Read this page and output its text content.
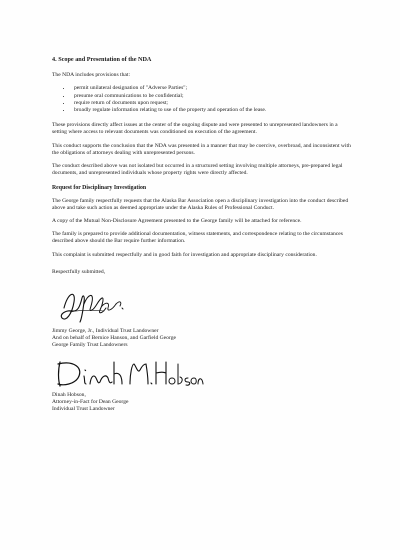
4. Scope and Presentation of the NDA

The NDA includes provisions that:

• permit unilateral designation of "Adverse Parties";
• presume oral communications to be confidential;
• require return of documents upon request;
• broadly regulate information relating to use of the property and operation of the lease.

These provisions directly affect issues at the center of the ongoing dispute and were presented to unrepresented landowners in a setting where access to relevant documents was conditioned on execution of the agreement.

This conduct supports the conclusion that the NDA was presented in a manner that may be coercive, overbroad, and inconsistent with the obligations of attorneys dealing with unrepresented persons.

The conduct described above was not isolated but occurred in a structured setting involving multiple attorneys, pre-prepared legal documents, and unrepresented individuals whose property rights were directly affected.

Request for Disciplinary Investigation

The George family respectfully requests that the Alaska Bar Association open a disciplinary investigation into the conduct described above and take such action as deemed appropriate under the Alaska Rules of Professional Conduct.

A copy of the Mutual Non-Disclosure Agreement presented to the George family will be attached for reference.

The family is prepared to provide additional documentation, witness statements, and correspondence relating to the circumstances described above should the Bar require further information.

This complaint is submitted respectfully and in good faith for investigation and appropriate disciplinary consideration.

Respectfully submitted,

Jimmy George, Jr., Individual Trust Landowner

And on behalf of Bernice Hanson, and Garfield George

George Family Trust Landowners

Dinah Hobson,

Attorney-in-Fact for Dean George

Individual Trust Landowner
